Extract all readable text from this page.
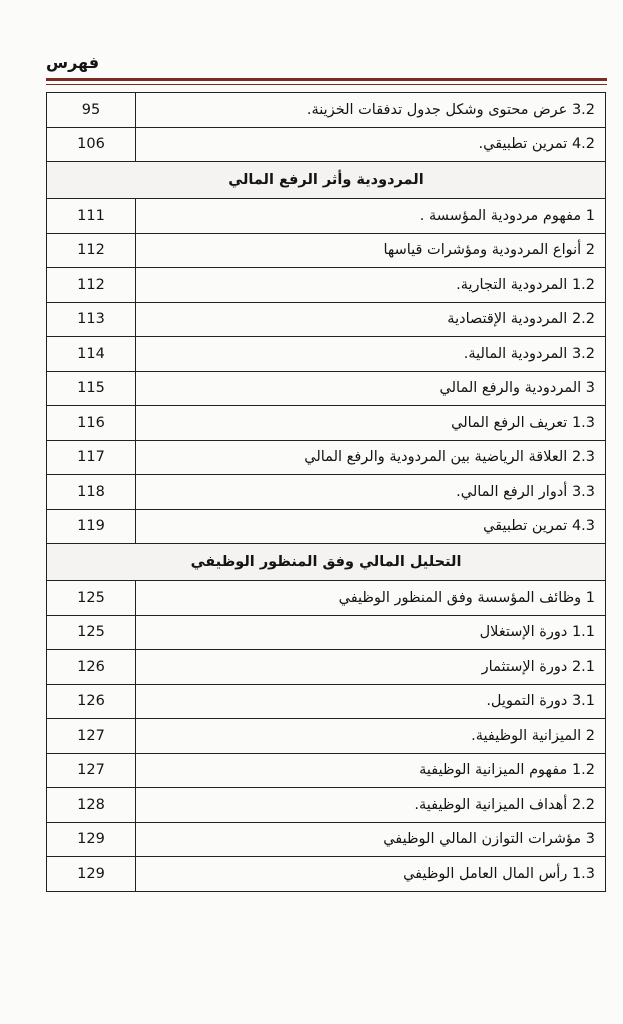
فهرس
95	3.2 عرض محتوى وشكل جدول تدفقات الخزينة.
106	4.2 تمرين تطبيقي.
المردودية وأثر الرفع المالي	
111	1 مفهوم مردودية المؤسسة .
112	2 أنواع المردودية ومؤشرات قياسها
112	1.2 المردودية التجارية.
113	2.2 المردودية الإقتصادية
114	3.2 المردودية المالية.
115	3 المردودية والرفع المالي
116	1.3 تعريف الرفع المالي
117	2.3 العلاقة الرياضية بين المردودية والرفع المالي
118	3.3 أدوار الرفع المالي.
119	4.3 تمرين تطبيقي
التحليل المالي وفق المنظور الوظيفي	
125	1 وظائف المؤسسة وفق المنظور الوظيفي
125	1.1 دورة الإستغلال
126	2.1 دورة الإستثمار
126	3.1 دورة التمويل.
127	2 الميزانية الوظيفية.
127	1.2 مفهوم الميزانية الوظيفية
128	2.2 أهداف الميزانية الوظيفية.
129	3 مؤشرات التوازن المالي الوظيفي
129	1.3 رأس المال العامل الوظيفي
